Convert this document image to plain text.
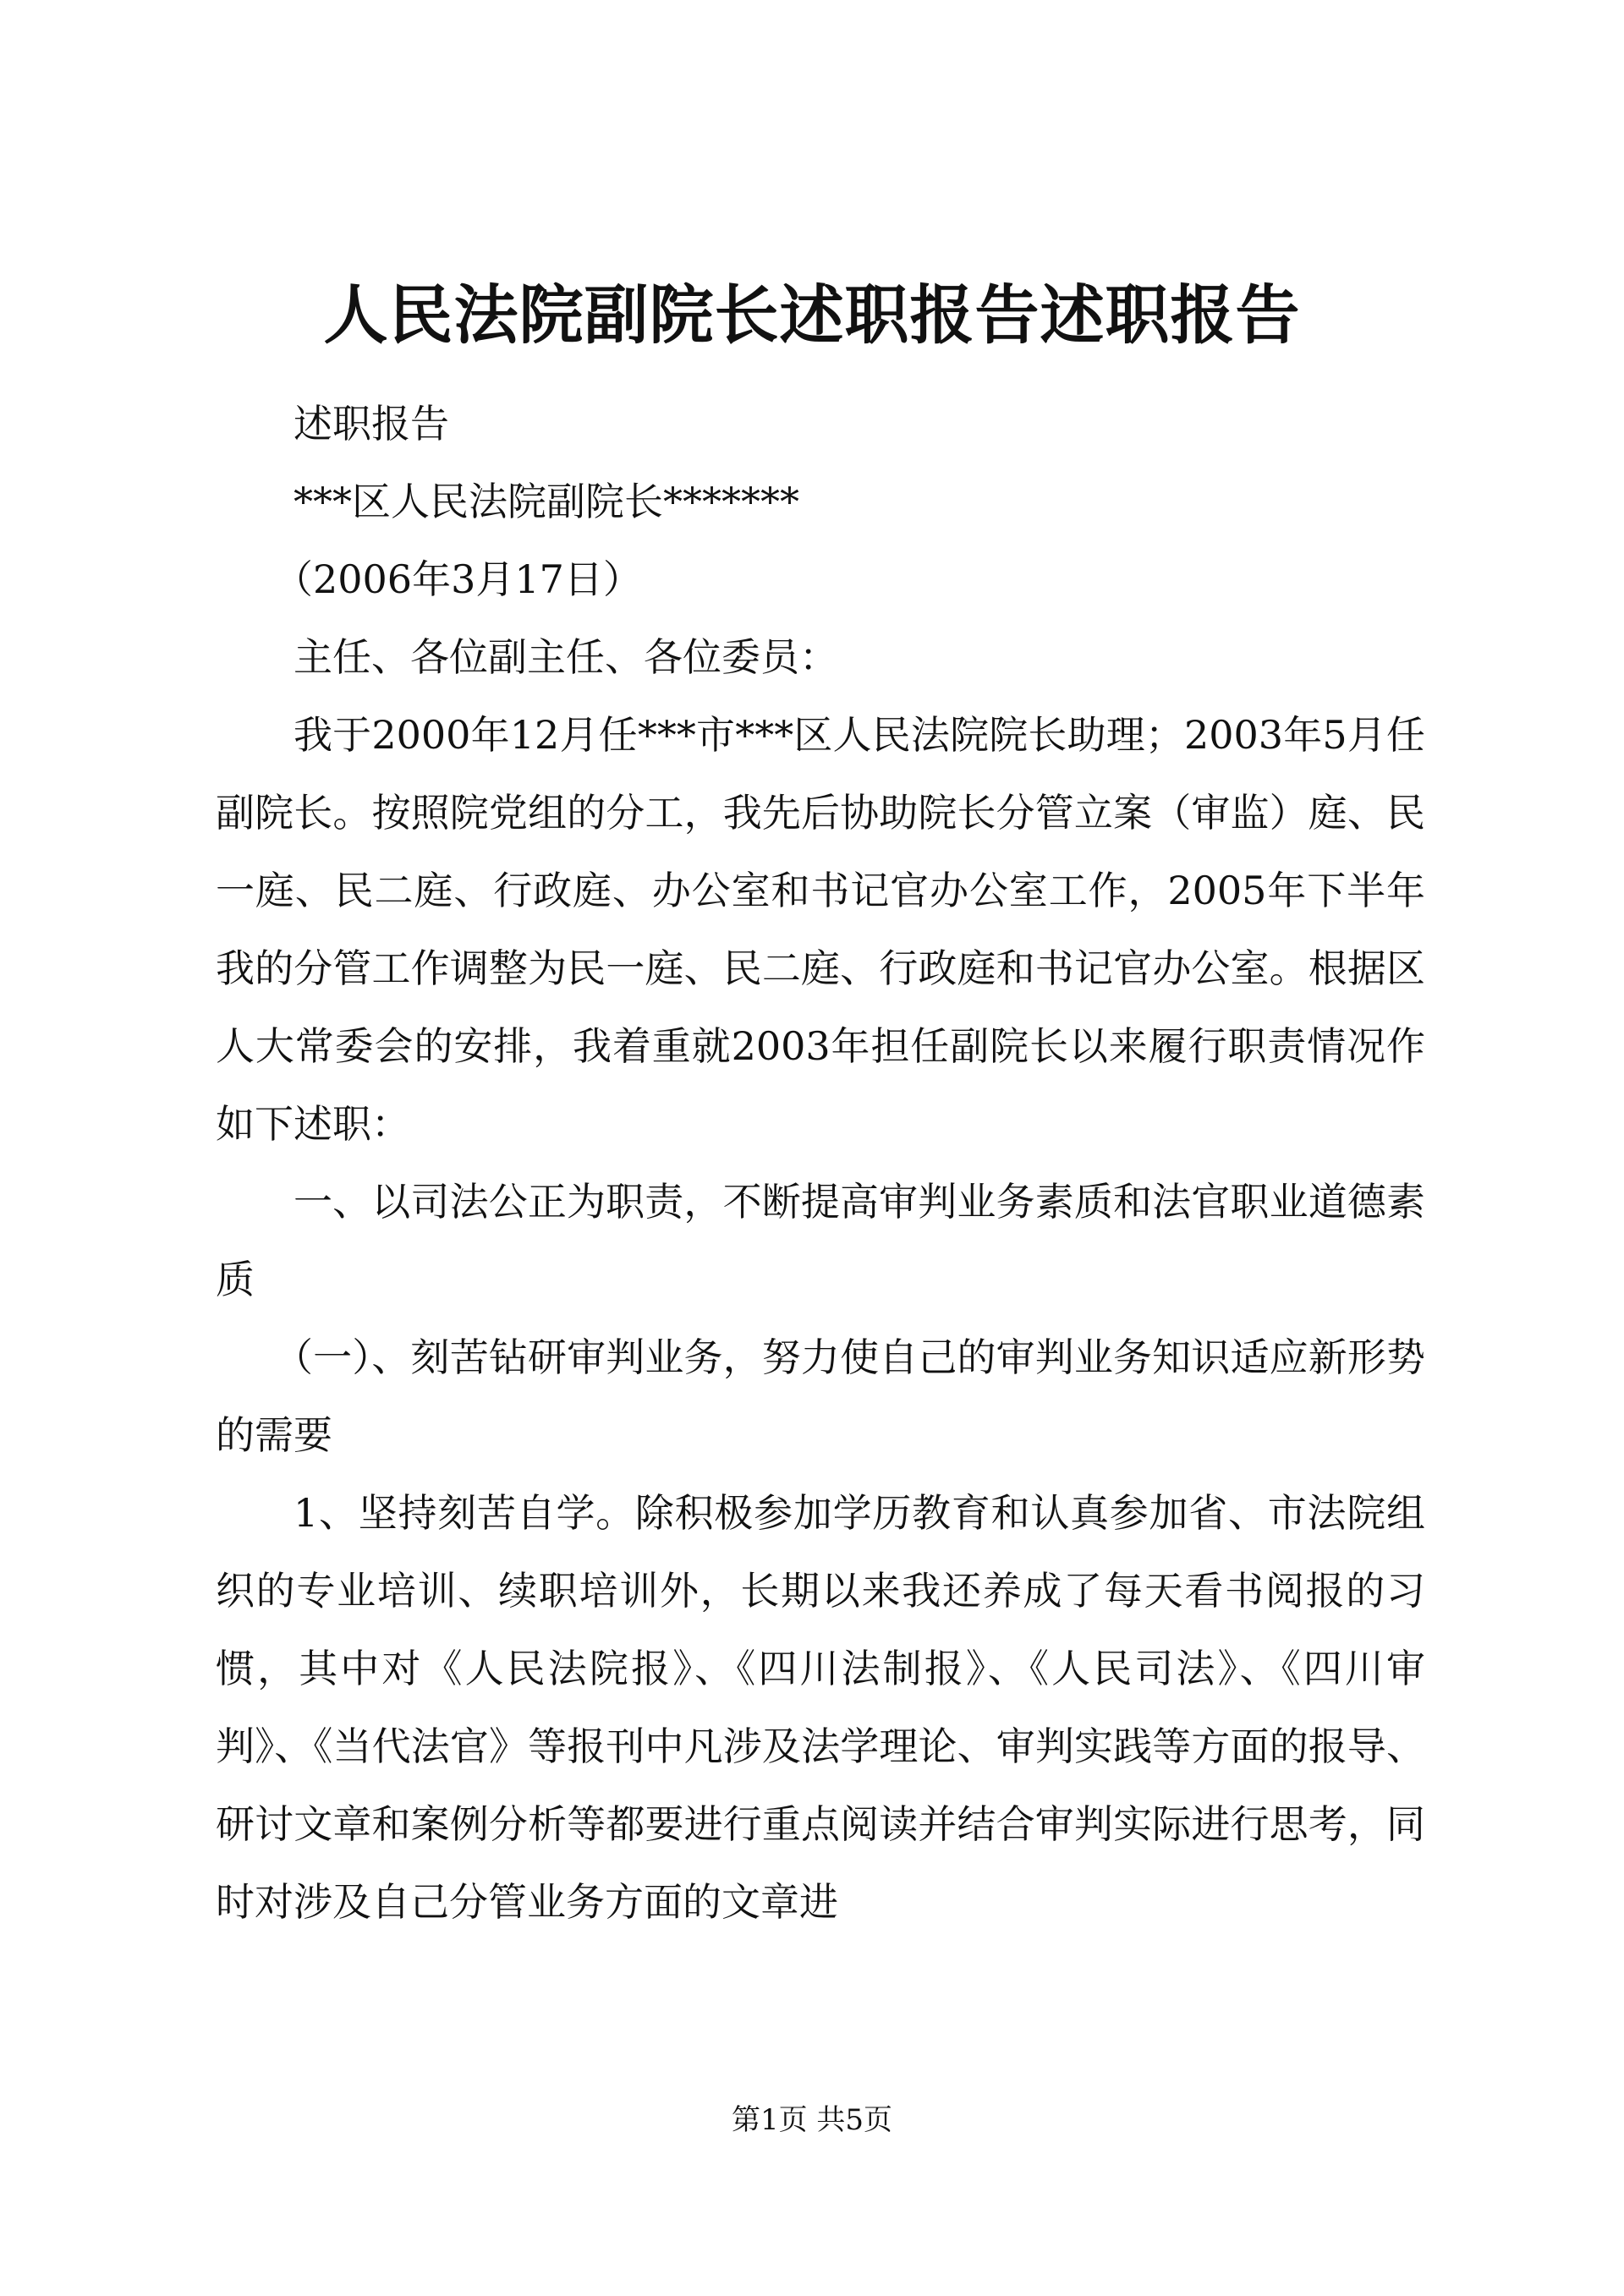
人民法院副院长述职报告述职报告

述职报告

***区人民法院副院长*******

（2006年3月17日）

主任、各位副主任、各位委员：

我于2000年12月任***市***区人民法院院长助理；2003年5月任副院长。按照院党组的分工，我先后协助院长分管立案（审监）庭、民一庭、民二庭、行政庭、办公室和书记官办公室工作，2005年下半年我的分管工作调整为民一庭、民二庭、行政庭和书记官办公室。根据区人大常委会的安排，我着重就2003年担任副院长以来履行职责情况作如下述职：

一、以司法公正为职责，不断提高审判业务素质和法官职业道德素质

（一）、刻苦钻研审判业务，努力使自己的审判业务知识适应新形势的需要

1、坚持刻苦自学。除积极参加学历教育和认真参加省、市法院组织的专业培训、续职培训外，长期以来我还养成了每天看书阅报的习惯，其中对《人民法院报》、《四川法制报》、《人民司法》、《四川审判》、《当代法官》等报刊中凡涉及法学理论、审判实践等方面的报导、研讨文章和案例分析等都要进行重点阅读并结合审判实际进行思考，同时对涉及自己分管业务方面的文章进

第1页 共5页
